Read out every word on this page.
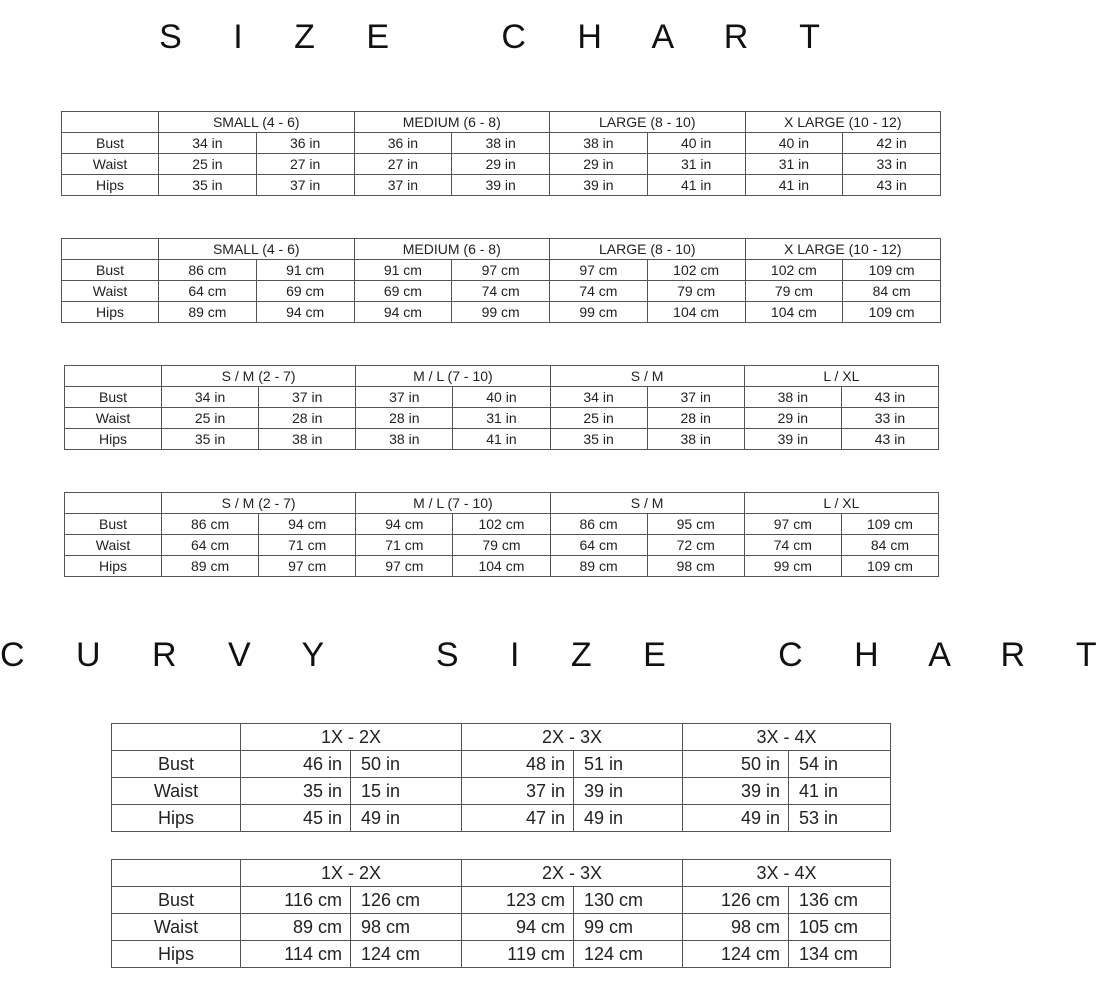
S I Z E   C H A R T
	SMALL (4 - 6)		MEDIUM (6 - 8)		LARGE (8 - 10)		X LARGE (10 - 12)	
Bust	34 in	36 in	36 in	38 in	38 in	40 in	40 in	42 in
Waist	25 in	27 in	27 in	29 in	29 in	31 in	31 in	33 in
Hips	35 in	37 in	37 in	39 in	39 in	41 in	41 in	43 in
	SMALL (4 - 6)		MEDIUM (6 - 8)		LARGE (8 - 10)		X LARGE (10 - 12)	
Bust	86 cm	91 cm	91 cm	97 cm	97 cm	102 cm	102 cm	109 cm
Waist	64 cm	69 cm	69 cm	74 cm	74 cm	79 cm	79 cm	84 cm
Hips	89 cm	94 cm	94 cm	99 cm	99 cm	104 cm	104 cm	109 cm
	S / M (2 - 7)		M / L (7 - 10)		S / M		L / XL	
Bust	34 in	37 in	37 in	40 in	34 in	37 in	38 in	43 in
Waist	25 in	28 in	28 in	31 in	25 in	28 in	29 in	33 in
Hips	35 in	38 in	38 in	41 in	35 in	38 in	39 in	43 in
	S / M (2 - 7)		M / L (7 - 10)		S / M		L / XL	
Bust	86 cm	94 cm	94 cm	102 cm	86 cm	95 cm	97 cm	109 cm
Waist	64 cm	71 cm	71 cm	79 cm	64 cm	72 cm	74 cm	84 cm
Hips	89 cm	97 cm	97 cm	104 cm	89 cm	98 cm	99 cm	109 cm
C U R V Y   S I Z E   C H A R T
	1X - 2X		2X - 3X		3X - 4X	
Bust	46 in	50 in	48 in	51 in	50 in	54 in
Waist	35 in	15 in	37 in	39 in	39 in	41 in
Hips	45 in	49 in	47 in	49 in	49 in	53 in
	1X - 2X		2X - 3X		3X - 4X	
Bust	116 cm	126 cm	123 cm	130 cm	126 cm	136 cm
Waist	89 cm	98 cm	94 cm	99 cm	98 cm	105 cm
Hips	114 cm	124 cm	119 cm	124 cm	124 cm	134 cm
